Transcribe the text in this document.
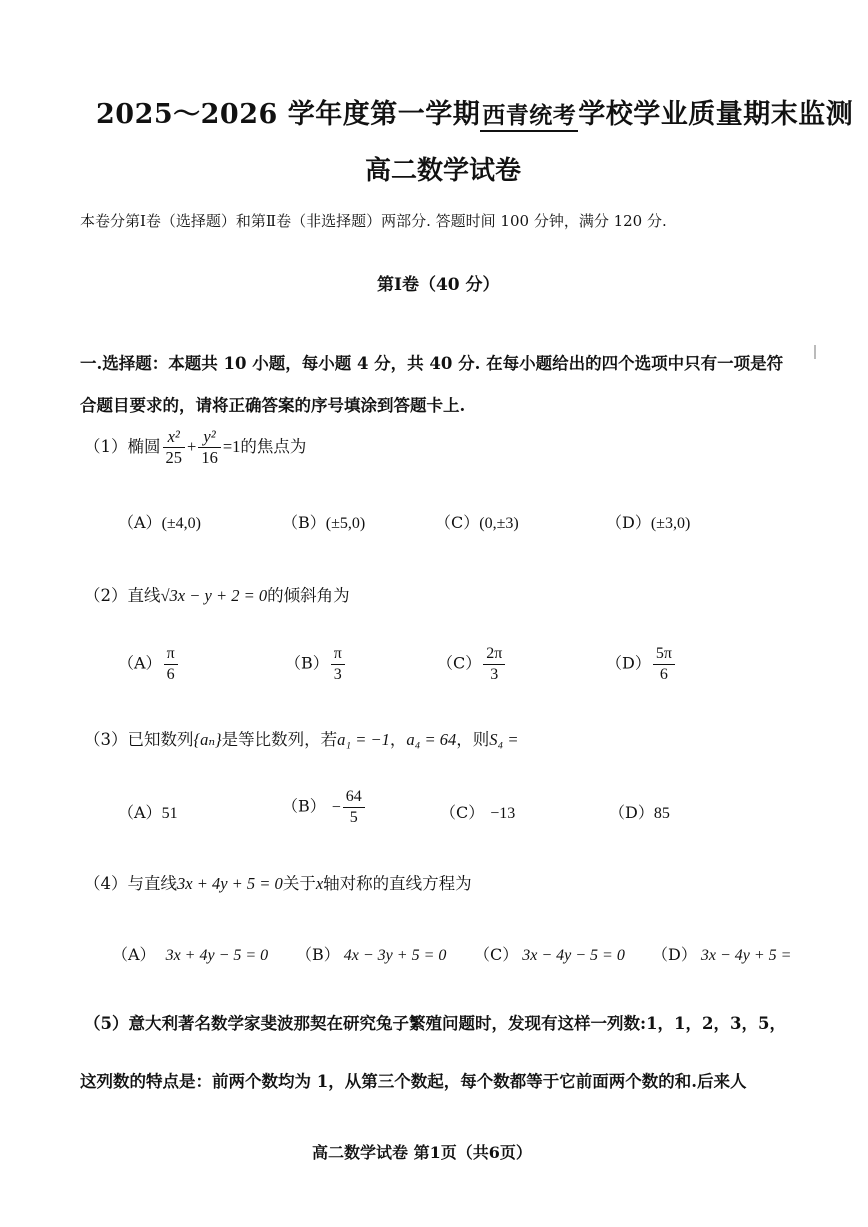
2025～2026 学年度第一学期西青统考学校学业质量期末监测
高二数学试卷
本卷分第Ⅰ卷（选择题）和第Ⅱ卷（非选择题）两部分. 答题时间 100 分钟，满分 120 分.
第Ⅰ卷（40 分）
一.选择题：本题共 10 小题，每小题 4 分，共 40 分. 在每小题给出的四个选项中只有一项是符
合题目要求的，请将正确答案的序号填涂到答题卡上.
（1）椭圆 $\frac{\text{x²}}{25} + \frac{\text{y²}}{16} =1$的焦点为
（A）(±4,0)	（B）(±5,0)	（C）(0,±3)	（D）(±3,0)
（2）直线√3x − y + 2 = 0的倾斜角为
$(A) \frac{\pi}{6}$	$(B) \frac{\pi}{3}$	$(C) \frac{2\pi}{3}$	$(D) \frac{5\pi}{6}$
（3）已知数列{aₙ}是等比数列，若a₁ = −1，a₄ = 64，则S₄ =
（A）51	$(B) - \frac{64}{5}$	（C） −13	（D）85
（4）与直线3x + 4y + 5 = 0关于x轴对称的直线方程为
（A） 3x + 4y − 5 = 0 （B） 4x − 3y + 5 = 0 （C） 3x − 4y − 5 = 0 （D） 3x − 4y + 5 =
（5）意大利著名数学家斐波那契在研究兔子繁殖问题时，发现有这样一列数:1，1，2，3，5，
这列数的特点是：前两个数均为 1，从第三个数起，每个数都等于它前面两个数的和.后来人
高二数学试卷 第1页（共6页）
